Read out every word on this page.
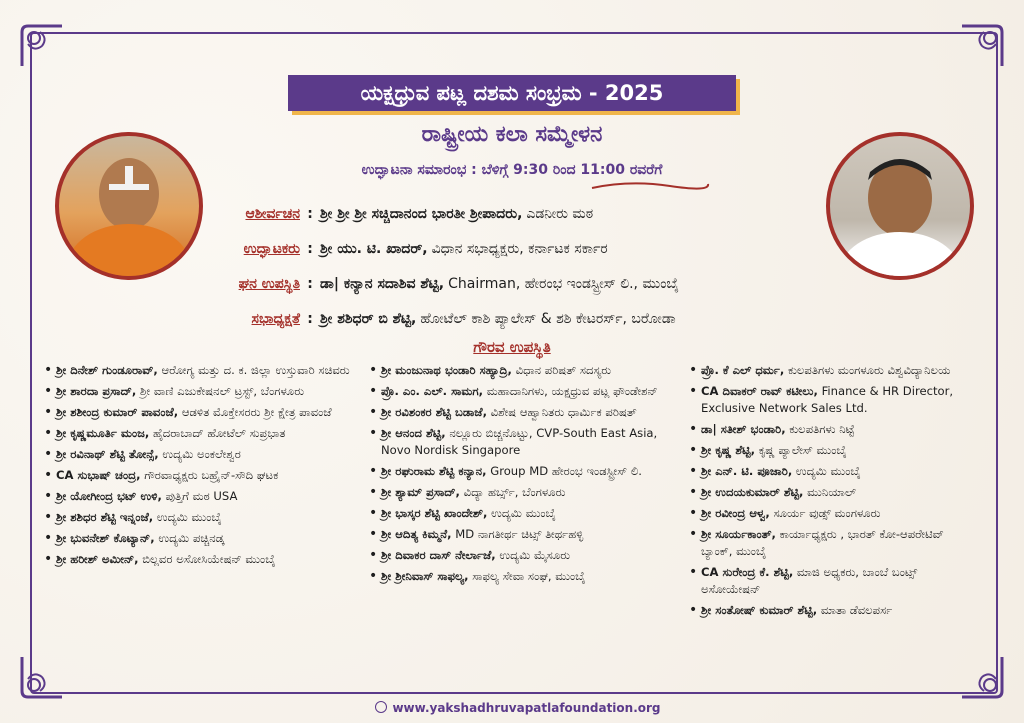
ಯಕ್ಷಧ್ರುವ ಪಟ್ಲ ದಶಮ ಸಂಭ್ರಮ - 2025
ರಾಷ್ಟ್ರೀಯ ಕಲಾ ಸಮ್ಮೇಳನ
ಉದ್ಘಾಟನಾ ಸಮಾರಂಭ : ಬೆಳಿಗ್ಗೆ 9:30 ರಿಂದ 11:00 ರವರೆಗೆ
ಆಶೀರ್ವಚನ : ಶ್ರೀ ಶ್ರೀ ಶ್ರೀ ಸಚ್ಚಿದಾನಂದ ಭಾರತೀ ಶ್ರೀಪಾದರು, ಎಡನೀರು ಮಠ
ಉದ್ಘಾಟಕರು : ಶ್ರೀ ಯು. ಟಿ. ಖಾದರ್, ವಿಧಾನ ಸಭಾಧ್ಯಕ್ಷರು, ಕರ್ನಾಟಕ ಸರ್ಕಾರ
ಘನ ಉಪಸ್ಥಿತಿ : ಡಾ| ಕನ್ಯಾನ ಸದಾಶಿವ ಶೆಟ್ಟಿ, Chairman, ಹೇರಂಭ ಇಂಡಸ್ಟ್ರೀಸ್ ಲಿ., ಮುಂಬೈ
ಸಭಾಧ್ಯಕ್ಷತೆ : ಶ್ರೀ ಶಶಿಧರ್ ಬಿ ಶೆಟ್ಟಿ, ಹೋಟೆಲ್ ಕಾಶಿ ಪ್ಯಾಲೇಸ್ & ಶಶಿ ಕೇಟರರ್ಸ್, ಬರೋಡಾ
ಗೌರವ ಉಪಸ್ಥಿತಿ
• ಶ್ರೀ ದಿನೇಶ್ ಗುಂಡೂರಾವ್, ಆರೋಗ್ಯ ಮತ್ತು ದ. ಕ. ಜಿಲ್ಲಾ ಉಸ್ತುವಾರಿ ಸಚಿವರು
• ಶ್ರೀ ಶಾರದಾ ಪ್ರಸಾದ್, ಶ್ರೀ ವಾಣಿ ಎಜುಕೇಷನಲ್ ಟ್ರಸ್ಟ್, ಬೆಂಗಳೂರು
• ಶ್ರೀ ಶಶೀಂದ್ರ ಕುಮಾರ್ ಪಾವಂಜೆ, ಆಡಳಿತ ಮೊಕ್ತೇಸರರು ಶ್ರೀ ಕ್ಷೇತ್ರ ಪಾವಂಜೆ
• ಶ್ರೀ ಕೃಷ್ಣಮೂರ್ತಿ ಮಂಜ, ಹೈದರಾಬಾದ್ ಹೋಟೆಲ್ ಸುಪ್ರಭಾತ
• ಶ್ರೀ ರವಿನಾಥ್ ಶೆಟ್ಟಿ ತೋನ್ಸೆ, ಉದ್ಯಮಿ ಅಂಕಲೇಶ್ವರ
• CA ಸುಭಾಷ್ ಚಂದ್ರ, ಗೌರವಾಧ್ಯಕ್ಷರು ಬಹ್ರೈನ್-ಸೌದಿ ಘಟಕ
• ಶ್ರೀ ಯೋಗೀಂದ್ರ ಭಟ್ ಉಳಿ, ಪುತ್ತಿಗೆ ಮಠ USA
• ಶ್ರೀ ಶಶಿಧರ ಶೆಟ್ಟಿ ಇನ್ನಂಜೆ, ಉದ್ಯಮಿ ಮುಂಬೈ
• ಶ್ರೀ ಭುವನೇಶ್ ಕೊಟ್ಯಾನ್, ಉದ್ಯಮಿ ಪಚ್ಚಿನಡ್ಕ
• ಶ್ರೀ ಹರೀಶ್ ಅಮೀನ್, ಬಿಲ್ಲವರ ಅಸೋಸಿಯೇಷನ್ ಮುಂಬೈ
• ಶ್ರೀ ಮಂಜುನಾಥ ಭಂಡಾರಿ ಸಹ್ಯಾದ್ರಿ, ವಿಧಾನ ಪರಿಷತ್ ಸದಸ್ಯರು
• ಪ್ರೊ. ಎಂ. ಎಲ್. ಸಾಮಗ, ಮಹಾದಾನಿಗಳು, ಯಕ್ಷಧ್ರುವ ಪಟ್ಲ ಫೌಂಡೇಶನ್
• ಶ್ರೀ ರವಿಶಂಕರ ಶೆಟ್ಟಿ ಬಡಾಜೆ, ವಿಶೇಷ ಆಹ್ವಾನಿತರು ಧಾರ್ಮಿಕ ಪರಿಷತ್
• ಶ್ರೀ ಆನಂದ ಶೆಟ್ಟಿ, ನಲ್ಲೂರು ಬಿಚ್ಚನೊಟ್ಟು, CVP-South East Asia, Novo Nordisk Singapore
• ಶ್ರೀ ರಘುರಾಮ ಶೆಟ್ಟಿ ಕನ್ಯಾನ, Group MD ಹೇರಂಭ ಇಂಡಸ್ಟ್ರೀಸ್ ಲಿ.
• ಶ್ರೀ ಶ್ಯಾಮ್ ಪ್ರಸಾದ್, ವಿದ್ಯಾ ಹರ್ಬ್ಸ್, ಬೆಂಗಳೂರು
• ಶ್ರೀ ಭಾಸ್ಕರ ಶೆಟ್ಟಿ ಖಾಂದೇಶ್, ಉದ್ಯಮಿ ಮುಂಬೈ
• ಶ್ರೀ ಆದಿತ್ಯ ಕಿಮ್ಮನೆ, MD ನಾಗತೀರ್ಥ ಚಿಟ್ಸ್ ತೀರ್ಥಹಳ್ಳಿ
• ಶ್ರೀ ದಿವಾಕರ ದಾಸ್ ನೇರ್ಲಾಜೆ, ಉದ್ಯಮಿ ಮೈಸೂರು
• ಶ್ರೀ ಶ್ರೀನಿವಾಸ್ ಸಾಫಲ್ಯ, ಸಾಫಲ್ಯ ಸೇವಾ ಸಂಘ, ಮುಂಬೈ
• ಪ್ರೊ. ಕೆ ಎಲ್ ಧರ್ಮ, ಕುಲಪತಿಗಳು ಮಂಗಳೂರು ವಿಶ್ವವಿದ್ಯಾನಿಲಯ
• CA ದಿವಾಕರ್ ರಾವ್ ಕಟೀಲು, Finance & HR Director, Exclusive Network Sales Ltd.
• ಡಾ| ಸತೀಶ್ ಭಂಡಾರಿ, ಕುಲಪತಿಗಳು ನಿಟ್ಟೆ
• ಶ್ರೀ ಕೃಷ್ಣ ಶೆಟ್ಟಿ, ಕೃಷ್ಣ ಪ್ಯಾಲೇಸ್ ಮುಂಬೈ
• ಶ್ರೀ ಎನ್. ಟಿ. ಪೂಜಾರಿ, ಉದ್ಯಮಿ ಮುಂಬೈ
• ಶ್ರೀ ಉದಯಕುಮಾರ್ ಶೆಟ್ಟಿ, ಮುನಿಯಾಲ್
• ಶ್ರೀ ರವೀಂದ್ರ ಆಳ್ವ, ಸೂರ್ಯ ವುಡ್ಸ್ ಮಂಗಳೂರು
• ಶ್ರೀ ಸೂರ್ಯಕಾಂತ್, ಕಾರ್ಯಾಧ್ಯಕ್ಷರು , ಭಾರತ್ ಕೋ-ಆಪರೇಟಿವ್ ಬ್ಯಾಂಕ್, ಮುಂಬೈ
• CA ಸುರೇಂದ್ರ ಕೆ. ಶೆಟ್ಟಿ, ಮಾಜಿ ಅಧ್ಯಕರು, ಬಾಂಬೆ ಬಂಟ್ಸ್ ಅಸೋಯೇಷನ್
• ಶ್ರೀ ಸಂತೋಷ್ ಕುಮಾರ್ ಶೆಟ್ಟಿ, ಮಾತಾ ಡೆವಲಪರ್ಸ
www.yakshadhruvapatlafoundation.org
